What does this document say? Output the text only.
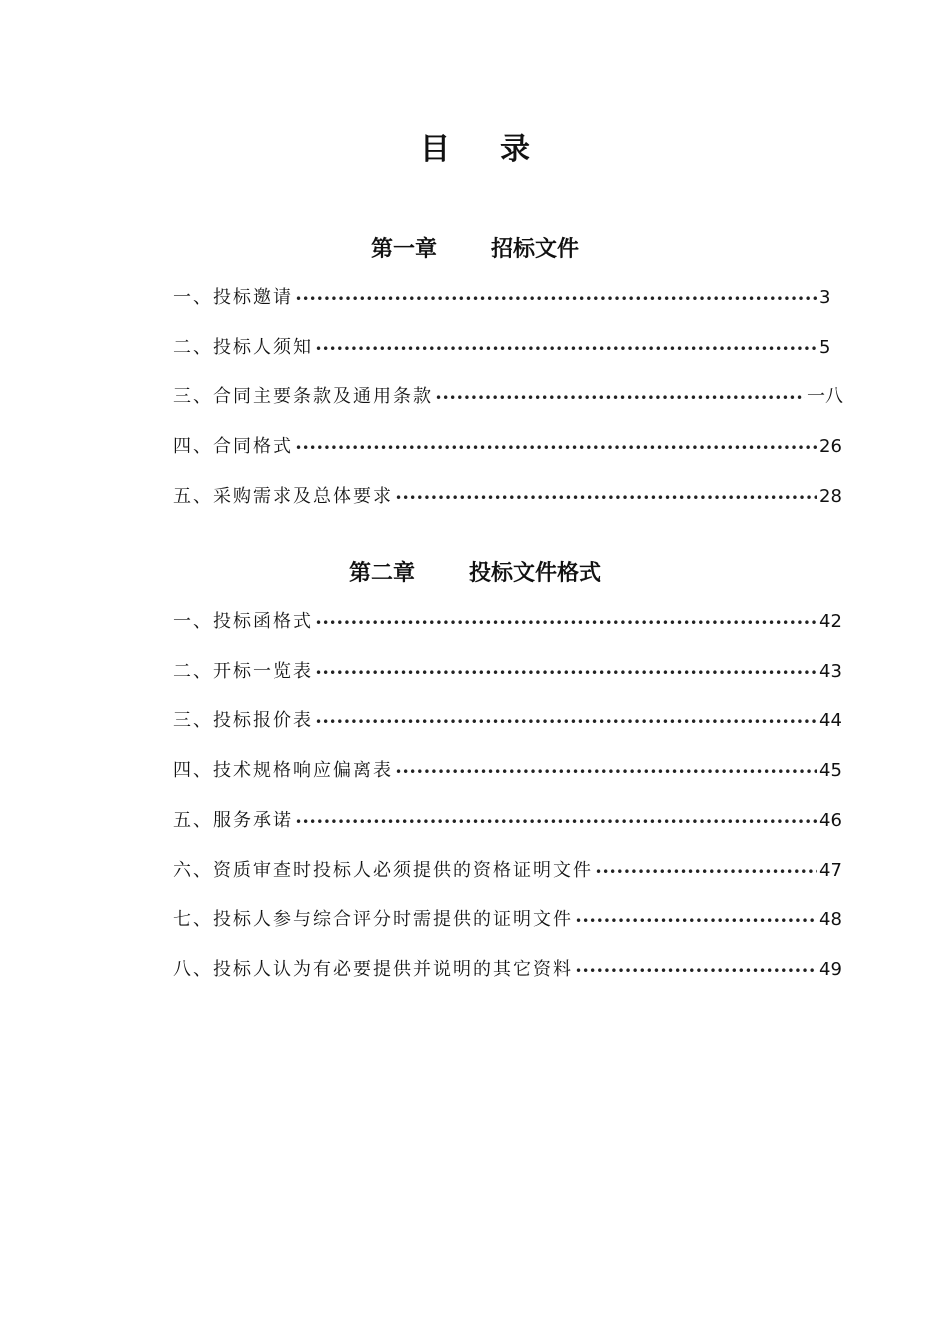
目 录
第一章 招标文件
一、 投标邀请 •••••	3
二、 投标人须知 •••••	5
三、 合同主要条款及通用条款 •••••	一八
四、 合同格式 •••••	26
五、 采购需求及总体要求 •••••	28
第二章 投标文件格式
一、 投标函格式 •••••	42
二、 开标一览表 •••••	43
三、 投标报价表 •••••	44
四、 技术规格响应偏离表 •••••	45
五、 服务承诺 •••••	46
六、 资质审查时投标人必须提供的资格证明文件 •••••	47
七、 投标人参与综合评分时需提供的证明文件 •••••	48
八、 投标人认为有必要提供并说明的其它资料 •••••	49
